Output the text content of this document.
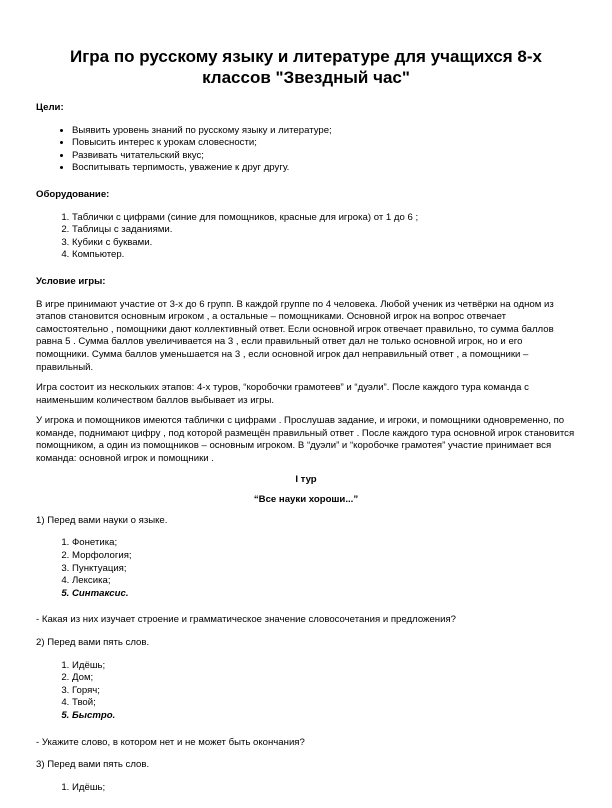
Игра по русскому языку и литературе для учащихся 8-х классов "Звездный час"
Цели:
• Выявить уровень знаний по русскому языку и литературе;
• Повысить интерес к урокам словесности;
• Развивать читательский вкус;
• Воспитывать терпимость, уважение к друг другу.
Оборудование:
1. Таблички с цифрами (синие для помощников, красные для игрока) от 1 до 6 ;
2. Таблицы с заданиями.
3. Кубики с буквами.
4. Компьютер.
Условие игры:

В игре принимают участие от 3-х до 6 групп. В каждой группе по 4 человека. Любой ученик из четвёрки на одном из этапов становится основным игроком , а остальные – помощниками. Основной игрок на вопрос отвечает самостоятельно , помощники дают коллективный ответ. Если основной игрок отвечает правильно, то сумма баллов равна 5 . Сумма баллов увеличивается на 3 , если правильный ответ дал не только основной игрок, но и его помощники. Сумма баллов уменьшается на 3 , если основной игрок дал неправильный ответ , а помощники – правильный.

Игра состоит из нескольких этапов: 4-х туров, “коробочки грамотеев” и “дуэли”. После каждого тура команда с наименьшим количеством баллов выбывает из игры.

У игрока и помощников имеются таблички с цифрами . Прослушав задание, и игроки, и помощники одновременно, по команде, поднимают цифру , под которой размещён правильный ответ . После каждого тура основной игрок становится помощником, а один из помощников – основным игроком. В “дуэли” и “коробочке грамотея” участие принимает вся команда: основной игрок и помощники .

I тур
“Все науки хороши...”

1) Перед вами науки о языке.

1. Фонетика;
2. Морфология;
3. Пунктуация;
4. Лексика;
5. Синтаксис.

- Какая из них изучает строение и грамматическое значение словосочетания и предложения?

2) Перед вами пять слов.

1. Идёшь;
2. Дом;
3. Горяч;
4. Твой;
5. Быстро.

- Укажите слово, в котором нет и не может быть окончания?

3) Перед вами пять слов.

1. Идёшь;
